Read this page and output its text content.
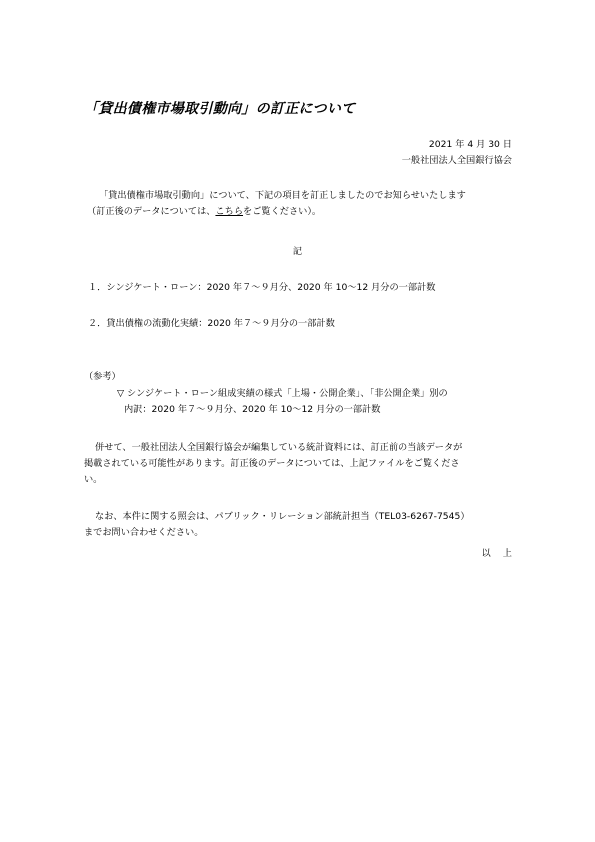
「貸出債権市場取引動向」の訂正について
2021 年 4 月 30 日
一般社団法人全国銀行協会
「貸出債権市場取引動向」について、下記の項目を訂正しましたのでお知らせいたします
（訂正後のデータについては、こちらをご覧ください）。
記
１．シンジケート・ローン：2020 年７～９月分、2020 年 10～12 月分の一部計数
２．貸出債権の流動化実績：2020 年７～９月分の一部計数
（参考）
▽ シンジケート・ローン組成実績の様式「上場・公開企業」、「非公開企業」別の
内訳：2020 年７～９月分、2020 年 10～12 月分の一部計数
併せて、一般社団法人全国銀行協会が編集している統計資料には、訂正前の当該データが
掲載されている可能性があります。訂正後のデータについては、上記ファイルをご覧くださ
い。
なお、本件に関する照会は、パブリック・リレーション部統計担当（TEL03-6267-7545）
までお問い合わせください。
以　 上
